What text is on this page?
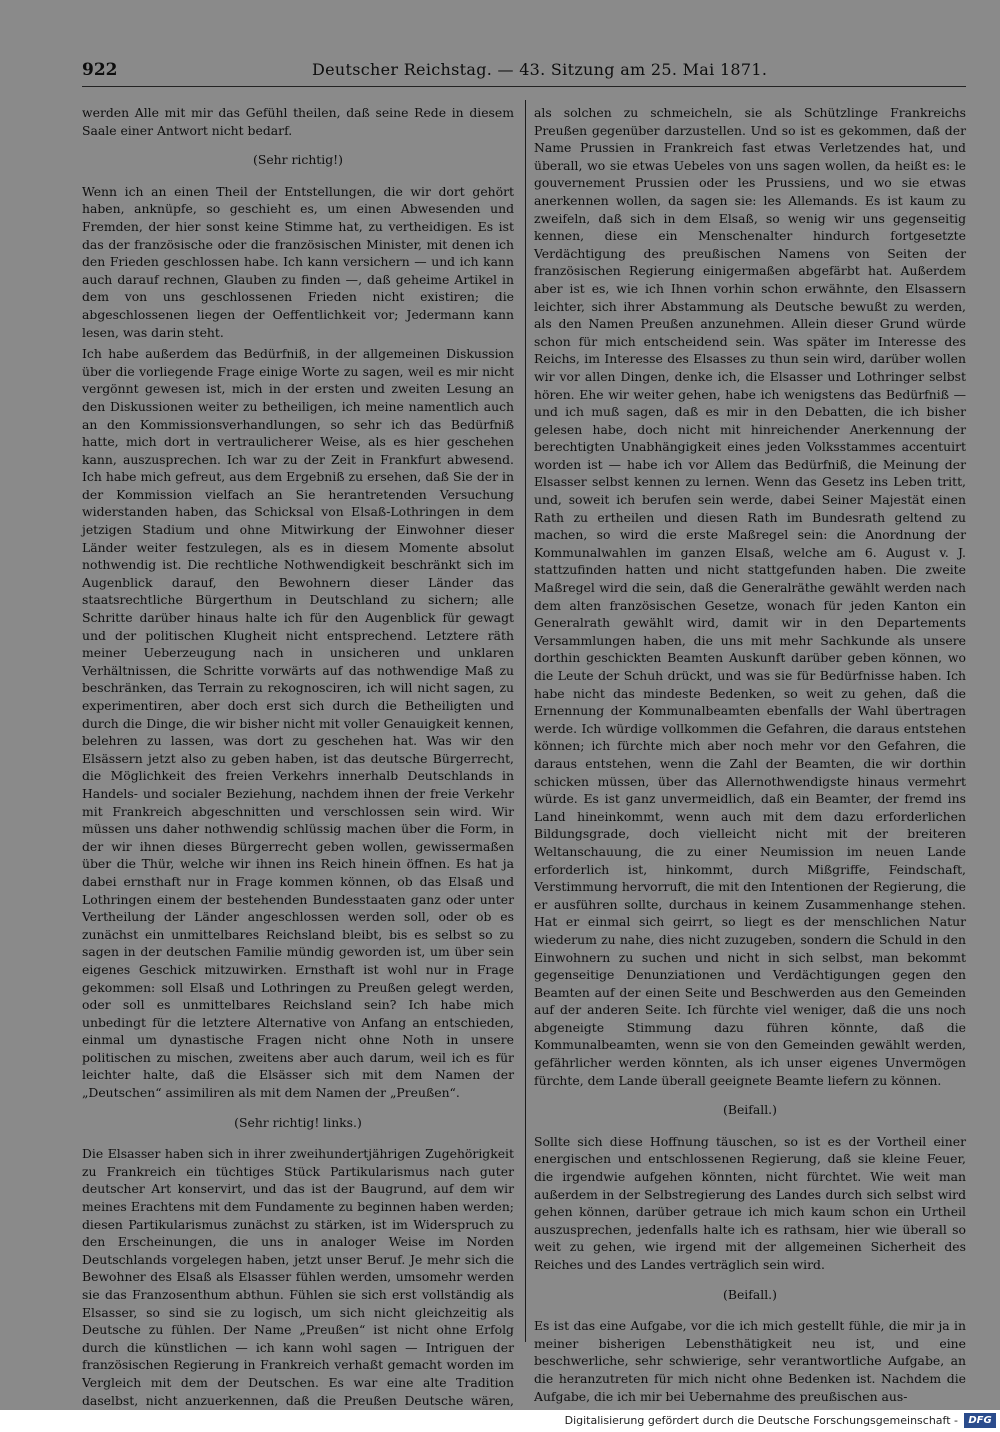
922	Deutscher Reichstag. — 43. Sitzung am 25. Mai 1871.

werden Alle mit mir das Gefühl theilen, daß seine Rede in diesem Saale einer Antwort nicht bedarf.

(Sehr richtig!)

Wenn ich an einen Theil der Entstellungen, die wir dort gehört haben, anknüpfe, so geschieht es, um einen Abwesenden und Fremden, der hier sonst keine Stimme hat, zu vertheidigen. Es ist das der französische oder die französischen Minister, mit denen ich den Frieden geschlossen habe. Ich kann versichern — und ich kann auch darauf rechnen, Glauben zu finden —, daß geheime Artikel in dem von uns geschlossenen Frieden nicht existiren; die abgeschlossenen liegen der Oeffentlichkeit vor; Jedermann kann lesen, was darin steht.

Ich habe außerdem das Bedürfniß, in der allgemeinen Diskussion über die vorliegende Frage einige Worte zu sagen, weil es mir nicht vergönnt gewesen ist, mich in der ersten und zweiten Lesung an den Diskussionen weiter zu betheiligen, ich meine namentlich auch an den Kommissionsverhandlungen, so sehr ich das Bedürfniß hatte, mich dort in vertraulicherer Weise, als es hier geschehen kann, auszusprechen. Ich war zu der Zeit in Frankfurt abwesend. Ich habe mich gefreut, aus dem Ergebniß zu ersehen, daß Sie der in der Kommission vielfach an Sie herantretenden Versuchung widerstanden haben, das Schicksal von Elsaß-Lothringen in dem jetzigen Stadium und ohne Mitwirkung der Einwohner dieser Länder weiter festzulegen, als es in diesem Momente absolut nothwendig ist. Die rechtliche Nothwendigkeit beschränkt sich im Augenblick darauf, den Bewohnern dieser Länder das staatsrechtliche Bürgerthum in Deutschland zu sichern; alle Schritte darüber hinaus halte ich für den Augenblick für gewagt und der politischen Klugheit nicht entsprechend. Letztere räth meiner Ueberzeugung nach in unsicheren und unklaren Verhältnissen, die Schritte vorwärts auf das nothwendige Maß zu beschränken, das Terrain zu rekognosciren, ich will nicht sagen, zu experimentiren, aber doch erst sich durch die Betheiligten und durch die Dinge, die wir bisher nicht mit voller Genauigkeit kennen, belehren zu lassen, was dort zu geschehen hat. Was wir den Elsässern jetzt also zu geben haben, ist das deutsche Bürgerrecht, die Möglichkeit des freien Verkehrs innerhalb Deutschlands in Handels- und socialer Beziehung, nachdem ihnen der freie Verkehr mit Frankreich abgeschnitten und verschlossen sein wird. Wir müssen uns daher nothwendig schlüssig machen über die Form, in der wir ihnen dieses Bürgerrecht geben wollen, gewissermaßen über die Thür, welche wir ihnen ins Reich hinein öffnen. Es hat ja dabei ernsthaft nur in Frage kommen können, ob das Elsaß und Lothringen einem der bestehenden Bundesstaaten ganz oder unter Vertheilung der Länder angeschlossen werden soll, oder ob es zunächst ein unmittelbares Reichsland bleibt, bis es selbst so zu sagen in der deutschen Familie mündig geworden ist, um über sein eigenes Geschick mitzuwirken. Ernsthaft ist wohl nur in Frage gekommen: soll Elsaß und Lothringen zu Preußen gelegt werden, oder soll es unmittelbares Reichsland sein? Ich habe mich unbedingt für die letztere Alternative von Anfang an entschieden, einmal um dynastische Fragen nicht ohne Noth in unsere politischen zu mischen, zweitens aber auch darum, weil ich es für leichter halte, daß die Elsässer sich mit dem Namen der „Deutschen“ assimiliren als mit dem Namen der „Preußen“.

(Sehr richtig! links.)

Die Elsasser haben sich in ihrer zweihundertjährigen Zugehörigkeit zu Frankreich ein tüchtiges Stück Partikularismus nach guter deutscher Art konservirt, und das ist der Baugrund, auf dem wir meines Erachtens mit dem Fundamente zu beginnen haben werden; diesen Partikularismus zunächst zu stärken, ist im Widerspruch zu den Erscheinungen, die uns in analoger Weise im Norden Deutschlands vorgelegen haben, jetzt unser Beruf. Je mehr sich die Bewohner des Elsaß als Elsasser fühlen werden, umsomehr werden sie das Franzosenthum abthun. Fühlen sie sich erst vollständig als Elsasser, so sind sie zu logisch, um sich nicht gleichzeitig als Deutsche zu fühlen. Der Name „Preußen“ ist nicht ohne Erfolg durch die künstlichen — ich kann wohl sagen — Intriguen der französischen Regierung in Frankreich verhaßt gemacht worden im Vergleich mit dem der Deutschen. Es war eine alte Tradition daselbst, nicht anzuerkennen, daß die Preußen Deutsche wären,

als solchen zu schmeicheln, sie als Schützlinge Frankreichs Preußen gegenüber darzustellen. Und so ist es gekommen, daß der Name Prussien in Frankreich fast etwas Verletzendes hat, und überall, wo sie etwas Uebeles von uns sagen wollen, da heißt es: le gouvernement Prussien oder les Prussiens, und wo sie etwas anerkennen wollen, da sagen sie: les Allemands. Es ist kaum zu zweifeln, daß sich in dem Elsaß, so wenig wir uns gegenseitig kennen, diese ein Menschenalter hindurch fortgesetzte Verdächtigung des preußischen Namens von Seiten der französischen Regierung einigermaßen abgefärbt hat. Außerdem aber ist es, wie ich Ihnen vorhin schon erwähnte, den Elsassern leichter, sich ihrer Abstammung als Deutsche bewußt zu werden, als den Namen Preußen anzunehmen. Allein dieser Grund würde schon für mich entscheidend sein. Was später im Interesse des Reichs, im Interesse des Elsasses zu thun sein wird, darüber wollen wir vor allen Dingen, denke ich, die Elsasser und Lothringer selbst hören. Ehe wir weiter gehen, habe ich wenigstens das Bedürfniß — und ich muß sagen, daß es mir in den Debatten, die ich bisher gelesen habe, doch nicht mit hinreichender Anerkennung der berechtigten Unabhängigkeit eines jeden Volksstammes accentuirt worden ist — habe ich vor Allem das Bedürfniß, die Meinung der Elsasser selbst kennen zu lernen. Wenn das Gesetz ins Leben tritt, und, soweit ich berufen sein werde, dabei Seiner Majestät einen Rath zu ertheilen und diesen Rath im Bundesrath geltend zu machen, so wird die erste Maßregel sein: die Anordnung der Kommunalwahlen im ganzen Elsaß, welche am 6. August v. J. stattzufinden hatten und nicht stattgefunden haben. Die zweite Maßregel wird die sein, daß die Generalräthe gewählt werden nach dem alten französischen Gesetze, wonach für jeden Kanton ein Generalrath gewählt wird, damit wir in den Departements Versammlungen haben, die uns mit mehr Sachkunde als unsere dorthin geschickten Beamten Auskunft darüber geben können, wo die Leute der Schuh drückt, und was sie für Bedürfnisse haben. Ich habe nicht das mindeste Bedenken, so weit zu gehen, daß die Ernennung der Kommunalbeamten ebenfalls der Wahl übertragen werde. Ich würdige vollkommen die Gefahren, die daraus entstehen können; ich fürchte mich aber noch mehr vor den Gefahren, die daraus entstehen, wenn die Zahl der Beamten, die wir dorthin schicken müssen, über das Allernothwendigste hinaus vermehrt würde. Es ist ganz unvermeidlich, daß ein Beamter, der fremd ins Land hineinkommt, wenn auch mit dem dazu erforderlichen Bildungsgrade, doch vielleicht nicht mit der breiteren Weltanschauung, die zu einer Neumission im neuen Lande erforderlich ist, hinkommt, durch Mißgriffe, Feindschaft, Verstimmung hervorruft, die mit den Intentionen der Regierung, die er ausführen sollte, durchaus in keinem Zusammenhange stehen. Hat er einmal sich geirrt, so liegt es der menschlichen Natur wiederum zu nahe, dies nicht zuzugeben, sondern die Schuld in den Einwohnern zu suchen und nicht in sich selbst, man bekommt gegenseitige Denunziationen und Verdächtigungen gegen den Beamten auf der einen Seite und Beschwerden aus den Gemeinden auf der anderen Seite. Ich fürchte viel weniger, daß die uns noch abgeneigte Stimmung dazu führen könnte, daß die Kommunalbeamten, wenn sie von den Gemeinden gewählt werden, gefährlicher werden könnten, als ich unser eigenes Unvermögen fürchte, dem Lande überall geeignete Beamte liefern zu können.

(Beifall.)

Sollte sich diese Hoffnung täuschen, so ist es der Vortheil einer energischen und entschlossenen Regierung, daß sie kleine Feuer, die irgendwie aufgehen könnten, nicht fürchtet. Wie weit man außerdem in der Selbstregierung des Landes durch sich selbst wird gehen können, darüber getraue ich mich kaum schon ein Urtheil auszusprechen, jedenfalls halte ich es rathsam, hier wie überall so weit zu gehen, wie irgend mit der allgemeinen Sicherheit des Reiches und des Landes verträglich sein wird.

(Beifall.)

Es ist das eine Aufgabe, vor die ich mich gestellt fühle, die mir ja in meiner bisherigen Lebensthätigkeit neu ist, und eine beschwerliche, sehr schwierige, sehr verantwortliche Aufgabe, an die heranzutreten für mich nicht ohne Bedenken ist. Nachdem die Aufgabe, die ich mir bei Uebernahme des preußischen aus-

Digitalisierung gefördert durch die Deutsche Forschungsgemeinschaft -	DFG
